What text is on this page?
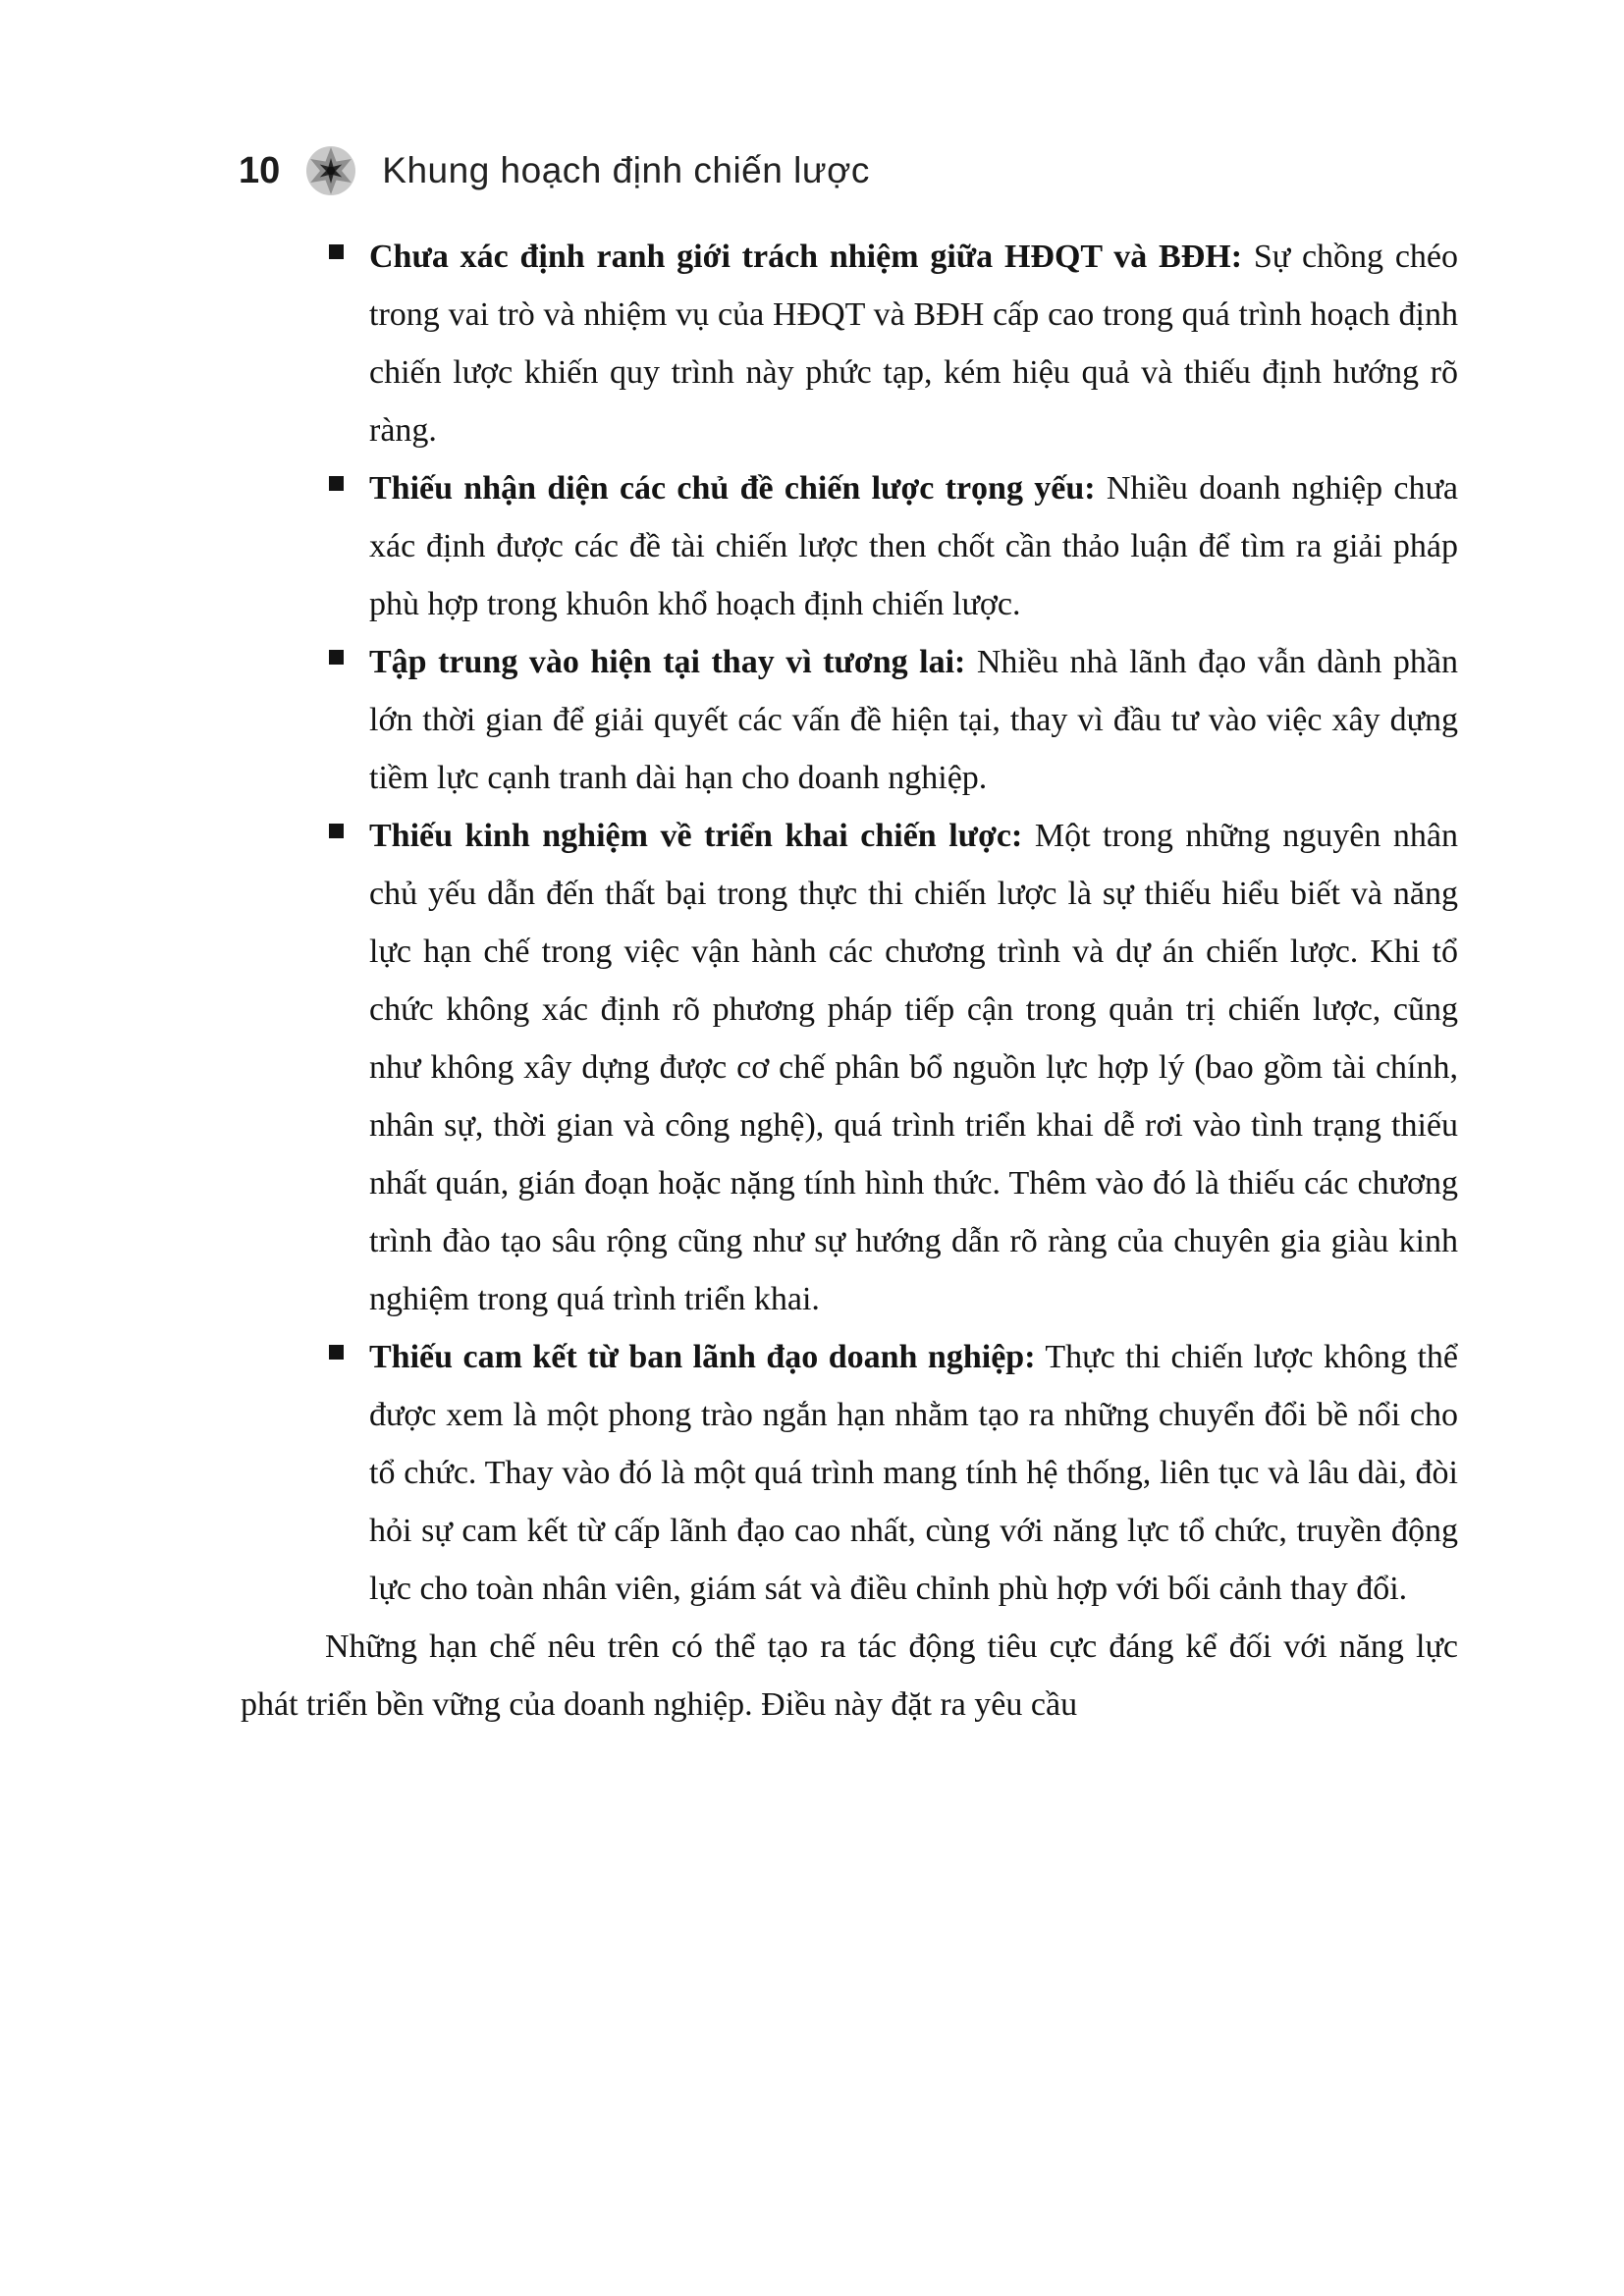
10	Khung hoạch định chiến lược
Chưa xác định ranh giới trách nhiệm giữa HĐQT và BĐH: Sự chồng chéo trong vai trò và nhiệm vụ của HĐQT và BĐH cấp cao trong quá trình hoạch định chiến lược khiến quy trình này phức tạp, kém hiệu quả và thiếu định hướng rõ ràng.
Thiếu nhận diện các chủ đề chiến lược trọng yếu: Nhiều doanh nghiệp chưa xác định được các đề tài chiến lược then chốt cần thảo luận để tìm ra giải pháp phù hợp trong khuôn khổ hoạch định chiến lược.
Tập trung vào hiện tại thay vì tương lai: Nhiều nhà lãnh đạo vẫn dành phần lớn thời gian để giải quyết các vấn đề hiện tại, thay vì đầu tư vào việc xây dựng tiềm lực cạnh tranh dài hạn cho doanh nghiệp.
Thiếu kinh nghiệm về triển khai chiến lược: Một trong những nguyên nhân chủ yếu dẫn đến thất bại trong thực thi chiến lược là sự thiếu hiểu biết và năng lực hạn chế trong việc vận hành các chương trình và dự án chiến lược. Khi tổ chức không xác định rõ phương pháp tiếp cận trong quản trị chiến lược, cũng như không xây dựng được cơ chế phân bổ nguồn lực hợp lý (bao gồm tài chính, nhân sự, thời gian và công nghệ), quá trình triển khai dễ rơi vào tình trạng thiếu nhất quán, gián đoạn hoặc nặng tính hình thức. Thêm vào đó là thiếu các chương trình đào tạo sâu rộng cũng như sự hướng dẫn rõ ràng của chuyên gia giàu kinh nghiệm trong quá trình triển khai.
Thiếu cam kết từ ban lãnh đạo doanh nghiệp: Thực thi chiến lược không thể được xem là một phong trào ngắn hạn nhằm tạo ra những chuyển đổi bề nổi cho tổ chức. Thay vào đó là một quá trình mang tính hệ thống, liên tục và lâu dài, đòi hỏi sự cam kết từ cấp lãnh đạo cao nhất, cùng với năng lực tổ chức, truyền động lực cho toàn nhân viên, giám sát và điều chỉnh phù hợp với bối cảnh thay đổi.

Những hạn chế nêu trên có thể tạo ra tác động tiêu cực đáng kể đối với năng lực phát triển bền vững của doanh nghiệp. Điều này đặt ra yêu cầu
